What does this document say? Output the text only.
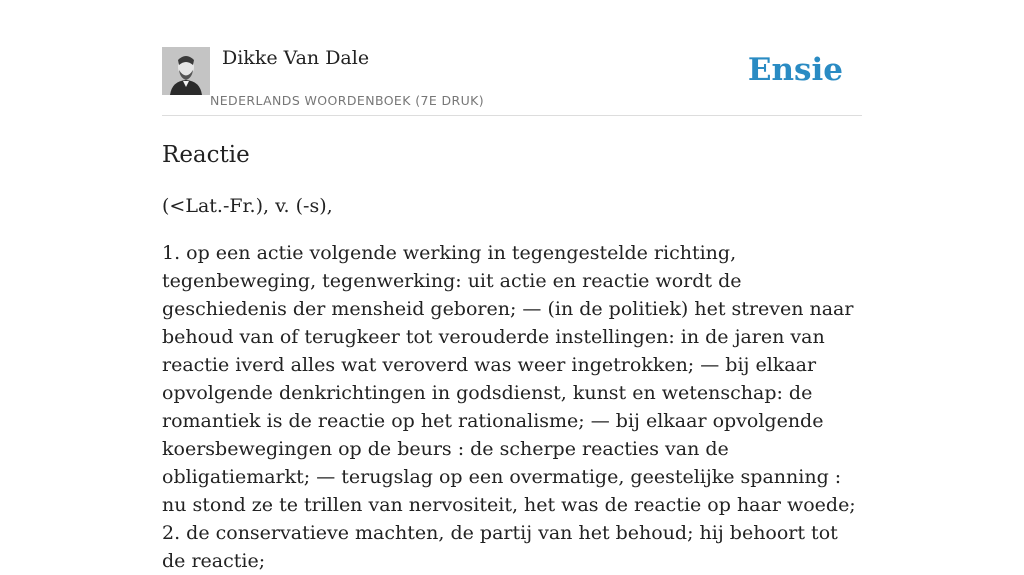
Dikke Van Dale
NEDERLANDS WOORDENBOEK (7E DRUK)
Ensie
Reactie

(<Lat.-Fr.), v. (-s),

1. op een actie volgende werking in tegengestelde richting, tegenbeweging, tegenwerking: uit actie en reactie wordt de geschiedenis der mensheid geboren; — (in de politiek) het streven naar behoud van of terugkeer tot verouderde instellingen: in de jaren van reactie iverd alles wat veroverd was weer ingetrokken; — bij elkaar opvolgende denkrichtingen in godsdienst, kunst en wetenschap: de romantiek is de reactie op het rationalisme; — bij elkaar opvolgende koersbewegingen op de beurs : de scherpe reacties van de obligatiemarkt; — terugslag op een overmatige, geestelijke spanning : nu stond ze te trillen van nervositeit, het was de reactie op haar woede;
2. de conservatieve machten, de partij van het behoud; hij behoort tot de reactie;
